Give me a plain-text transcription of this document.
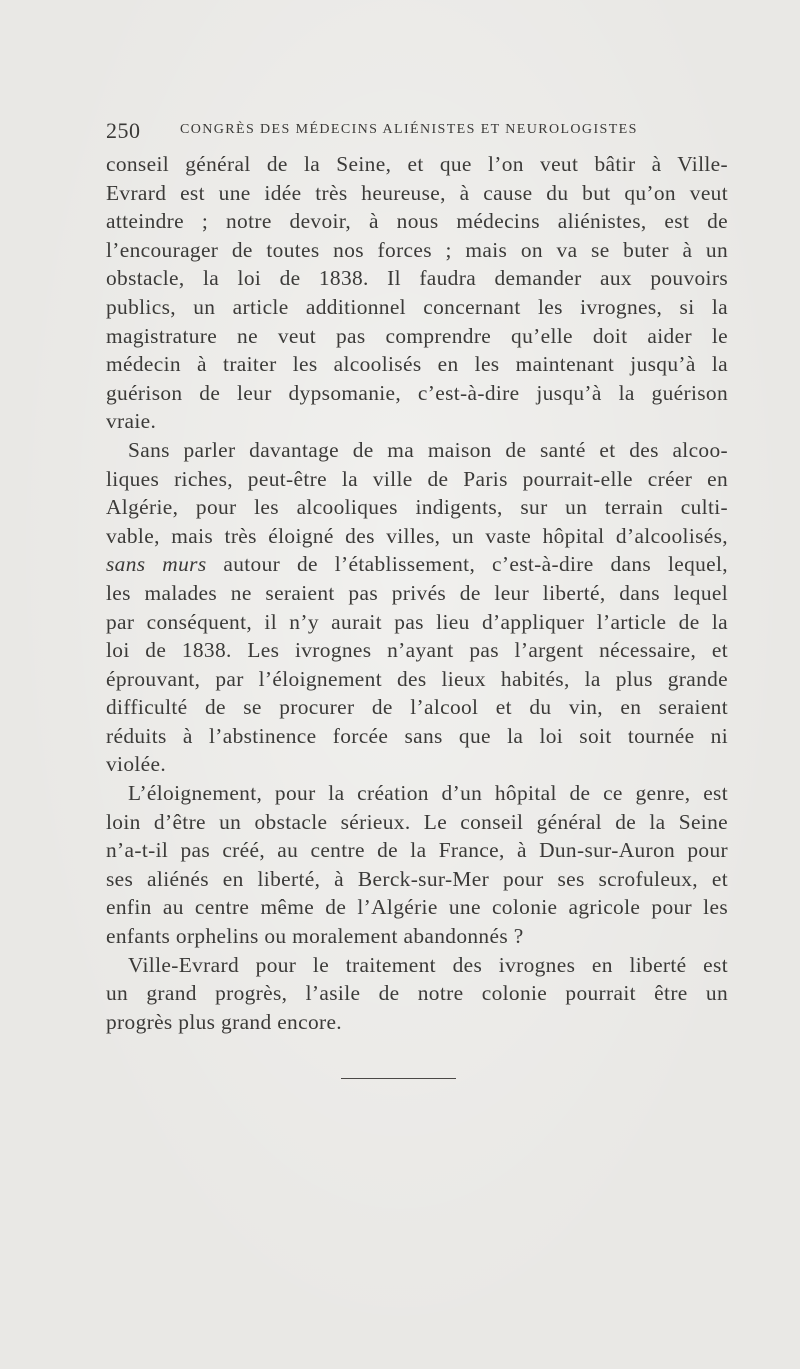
250	CONGRÈS DES MÉDECINS ALIÉNISTES ET NEUROLOGISTES

conseil général de la Seine, et que l’on veut bâtir à Ville-
Evrard est une idée très heureuse, à cause du but qu’on veut
atteindre ; notre devoir, à nous médecins aliénistes, est de
l’encourager de toutes nos forces ; mais on va se buter à un
obstacle, la loi de 1838. Il faudra demander aux pouvoirs
publics, un article additionnel concernant les ivrognes, si la
magistrature ne veut pas comprendre qu’elle doit aider le
médecin à traiter les alcoolisés en les maintenant jusqu’à la
guérison de leur dypsomanie, c’est-à-dire jusqu’à la guérison
vraie.

Sans parler davantage de ma maison de santé et des alcoo-
liques riches, peut-être la ville de Paris pourrait-elle créer en
Algérie, pour les alcooliques indigents, sur un terrain culti-
vable, mais très éloigné des villes, un vaste hôpital d’alcoolisés,
sans murs autour de l’établissement, c’est-à-dire dans lequel,
les malades ne seraient pas privés de leur liberté, dans lequel
par conséquent, il n’y aurait pas lieu d’appliquer l’article de la
loi de 1838. Les ivrognes n’ayant pas l’argent nécessaire, et
éprouvant, par l’éloignement des lieux habités, la plus grande
difficulté de se procurer de l’alcool et du vin, en seraient
réduits à l’abstinence forcée sans que la loi soit tournée ni
violée.

L’éloignement, pour la création d’un hôpital de ce genre, est
loin d’être un obstacle sérieux. Le conseil général de la Seine
n’a-t-il pas créé, au centre de la France, à Dun-sur-Auron pour
ses aliénés en liberté, à Berck-sur-Mer pour ses scrofuleux, et
enfin au centre même de l’Algérie une colonie agricole pour les
enfants orphelins ou moralement abandonnés ?

Ville-Evrard pour le traitement des ivrognes en liberté est
un grand progrès, l’asile de notre colonie pourrait être un
progrès plus grand encore.
